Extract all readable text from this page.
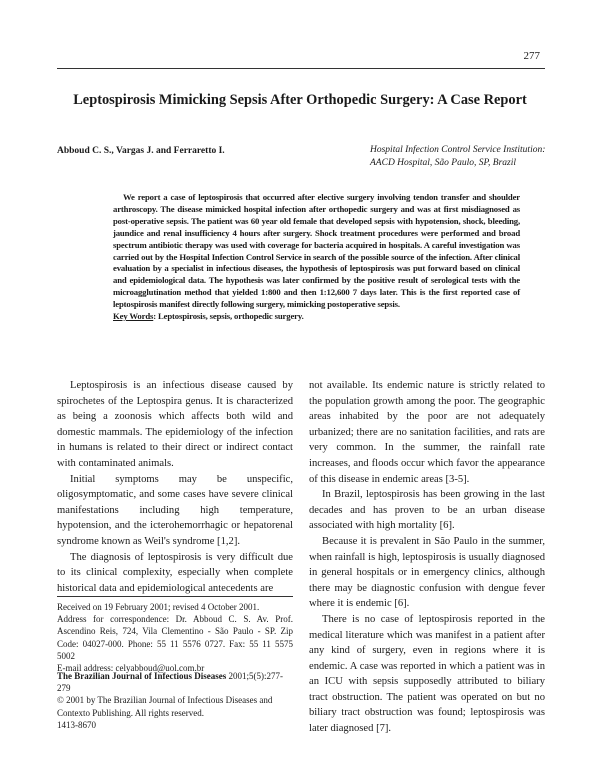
277
Leptospirosis Mimicking Sepsis After Orthopedic Surgery: A Case Report
Abboud C. S., Vargas J. and Ferraretto I.	Hospital Infection Control Service Institution:
AACD Hospital, São Paulo, SP, Brazil
We report a case of leptospirosis that occurred after elective surgery involving tendon transfer and shoulder arthroscopy. The disease mimicked hospital infection after orthopedic surgery and was at first misdiagnosed as post-operative sepsis. The patient was 60 year old female that developed sepsis with hypotension, shock, bleeding, jaundice and renal insufficiency 4 hours after surgery. Shock treatment procedures were performed and broad spectrum antibiotic therapy was used with coverage for bacteria acquired in hospitals. A careful investigation was carried out by the Hospital Infection Control Service in search of the possible source of the infection. After clinical evaluation by a specialist in infectious diseases, the hypothesis of leptospirosis was put forward based on clinical and epidemiological data. The hypothesis was later confirmed by the positive result of serological tests with the microagglutination method that yielded 1:800 and then 1:12,600 7 days later. This is the first reported case of leptospirosis manifest directly following surgery, mimicking postoperative sepsis.
Key Words: Leptospirosis, sepsis, orthopedic surgery.

Leptospirosis is an infectious disease caused by spirochetes of the Leptospira genus. It is characterized as being a zoonosis which affects both wild and domestic mammals. The epidemiology of the infection in humans is related to their direct or indirect contact with contaminated animals.

Initial symptoms may be unspecific, oligosymptomatic, and some cases have severe clinical manifestations including high temperature, hypotension, and the icterohemorrhagic or hepatorenal syndrome known as Weil's syndrome [1,2].

The diagnosis of leptospirosis is very difficult due to its clinical complexity, especially when complete historical data and epidemiological antecedents are

not available. Its endemic nature is strictly related to the population growth among the poor. The geographic areas inhabited by the poor are not adequately urbanized; there are no sanitation facilities, and rats are very common. In the summer, the rainfall rate increases, and floods occur which favor the appearance of this disease in endemic areas [3-5].

In Brazil, leptospirosis has been growing in the last decades and has proven to be an urban disease associated with high mortality [6].

Because it is prevalent in São Paulo in the summer, when rainfall is high, leptospirosis is usually diagnosed in general hospitals or in emergency clinics, although there may be diagnostic confusion with dengue fever where it is endemic [6].

There is no case of leptospirosis reported in the medical literature which was manifest in a patient after any kind of surgery, even in regions where it is endemic. A case was reported in which a patient was in an ICU with sepsis supposedly attributed to biliary tract obstruction. The patient was operated on but no biliary tract obstruction was found; leptospirosis was later diagnosed [7].

Received on 19 February 2001; revised 4 October 2001.
Address for correspondence: Dr. Abboud C. S. Av. Prof. Ascendino Reis, 724, Vila Clementino - São Paulo - SP. Zip Code: 04027-000. Phone: 55 11 5576 0727. Fax: 55 11 5575 5002
E-mail address: celyabboud@uol.com.br
The Brazilian Journal of Infectious Diseases 2001;5(5):277-279
© 2001 by The Brazilian Journal of Infectious Diseases and Contexto Publishing. All rights reserved.
1413-8670
